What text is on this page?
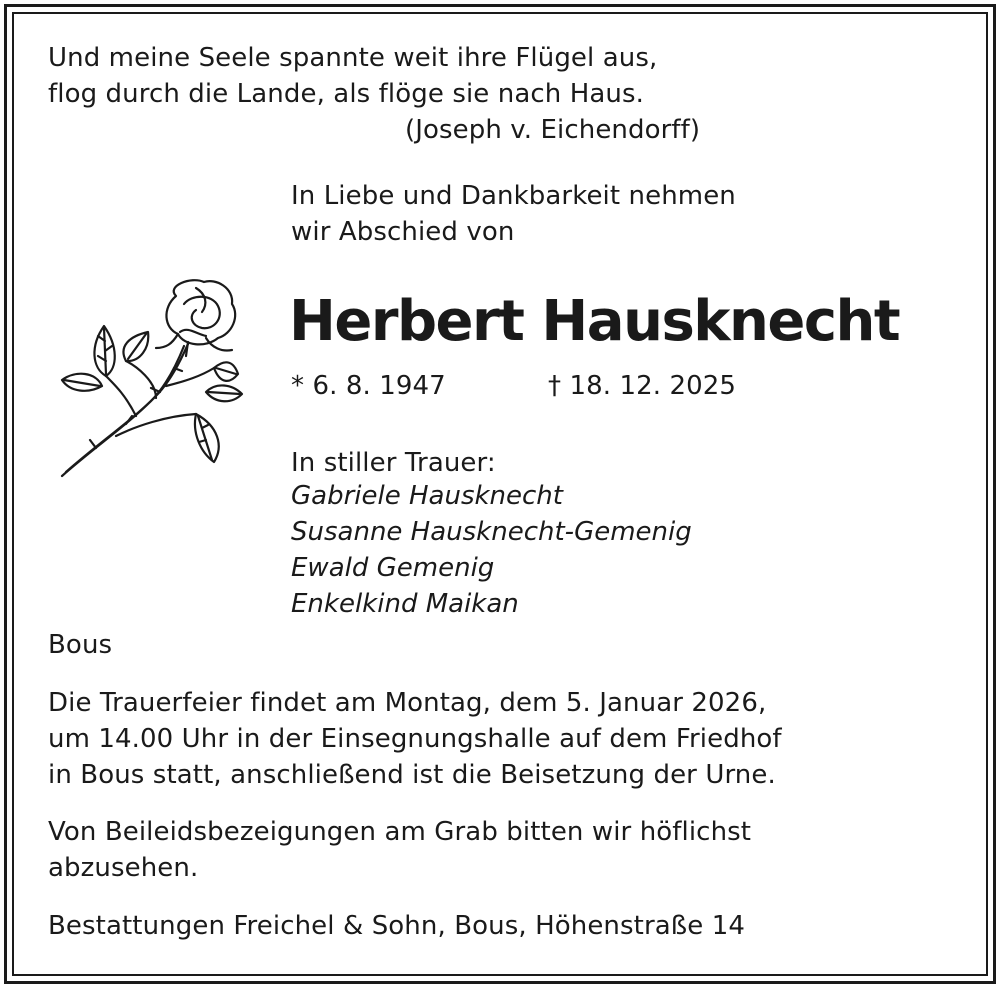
Und meine Seele spannte weit ihre Flügel aus,
flog durch die Lande, als flöge sie nach Haus.
(Joseph v. Eichendorff)
In Liebe und Dankbarkeit nehmen
wir Abschied von
Herbert Hausknecht
* 6. 8. 1947	† 18. 12. 2025
In stiller Trauer:
Gabriele Hausknecht
Susanne Hausknecht-Gemenig
Ewald Gemenig
Enkelkind Maikan
Bous
Die Trauerfeier findet am Montag, dem 5. Januar 2026,
um 14.00 Uhr in der Einsegnungshalle auf dem Friedhof
in Bous statt, anschließend ist die Beisetzung der Urne.
Von Beileidsbezeigungen am Grab bitten wir höflichst
abzusehen.
Bestattungen Freichel & Sohn, Bous, Höhenstraße 14
